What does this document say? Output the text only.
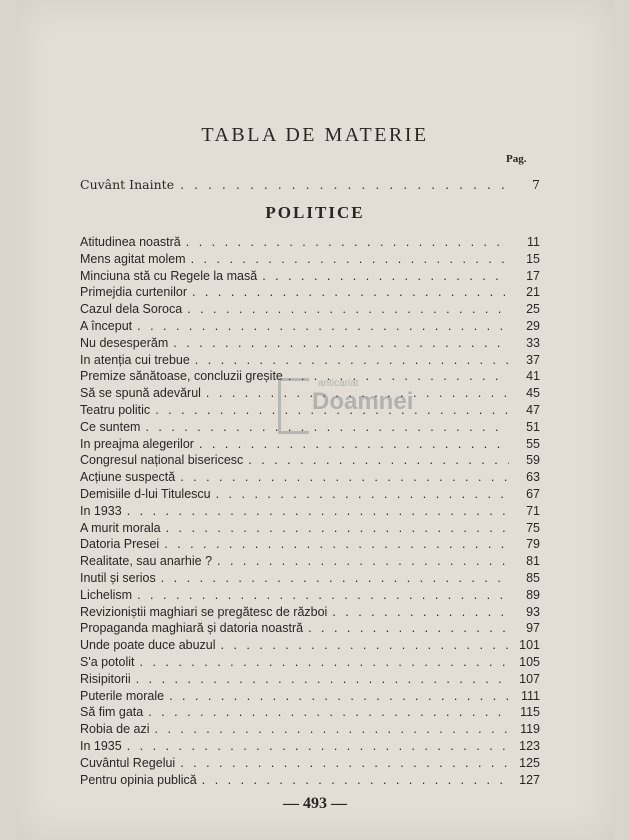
TABLA DE MATERIE
Pag.
Cuvânt Inainte . . .	7
POLITICE
Atitudinea noastră . . .	11
Mens agitat molem . . .	15
Minciuna stă cu Regele la masă . . .	17
Primejdia curtenilor . . .	21
Cazul dela Soroca . . .	25
A început . . .	29
Nu desesperăm . . .	33
In atenția cui trebue . . .	37
Premize sănătoase, concluzii greșite . . .	41
Să se spună adevărul . . .	45
Teatru politic . . .	47
Ce suntem . . .	51
In preajma alegerilor . . .	55
Congresul național bisericesc . . .	59
Acțiune suspectă . . .	63
Demisiile d-lui Titulescu . . .	67
In 1933 . . .	71
A murit morala . . .	75
Datoria Presei . . .	79
Realitate, sau anarhie ? . . .	81
Inutil și serios . . .	85
Lichelism . . .	89
Revizioniștii maghiari se pregătesc de război . . .	93
Propaganda maghiară și datoria noastră . . .	97
Unde poate duce abuzul . . .	101
S'a potolit . . .	105
Risipitorii . . .	107
Puterile morale . . .	111
Să fim gata . . .	115
Robia de azi . . .	119
In 1935 . . .	123
Cuvântul Regelui . . .	125
Pentru opinia publică . . .	127
anticariat
Doamnei
— 493 —
